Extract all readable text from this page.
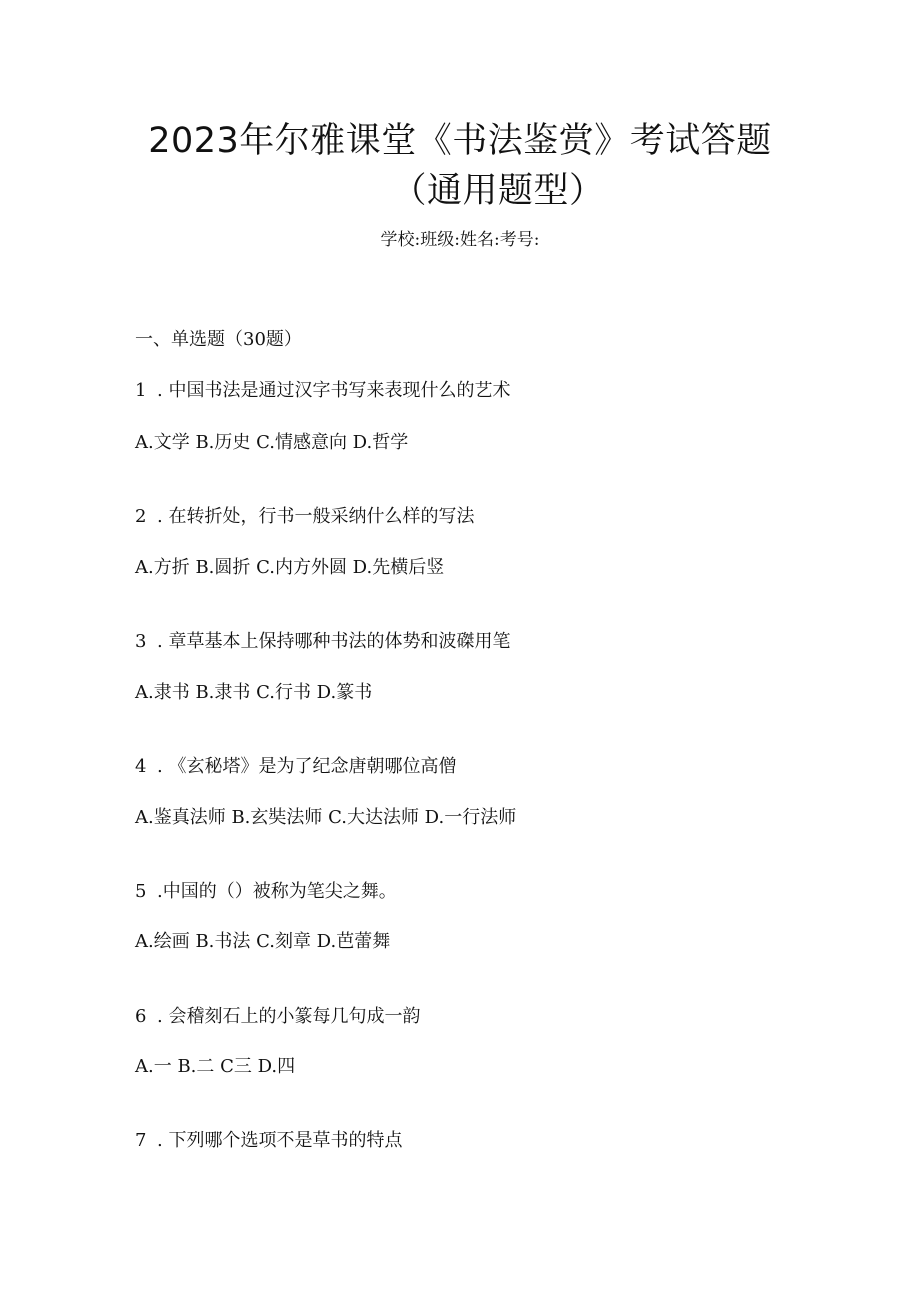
2023年尔雅课堂《书法鉴赏》考试答题
（通用题型）
学校:班级:姓名:考号:
一、单选题（30题）
1 . 中国书法是通过汉字书写来表现什么的艺术
A.文学 B.历史 C.情感意向 D.哲学
2 . 在转折处，行书一般采纳什么样的写法
A.方折 B.圆折 C.内方外圆 D.先横后竖
3 . 章草基本上保持哪种书法的体势和波磔用笔
A.隶书 B.隶书 C.行书 D.篆书
4 . 《玄秘塔》是为了纪念唐朝哪位高僧
A.鉴真法师 B.玄奘法师 C.大达法师 D.一行法师
5 .中国的（）被称为笔尖之舞。
A.绘画 B.书法 C.刻章 D.芭蕾舞
6 . 会稽刻石上的小篆每几句成一韵
A.一 B.二 C三 D.四
7 . 下列哪个选项不是草书的特点
